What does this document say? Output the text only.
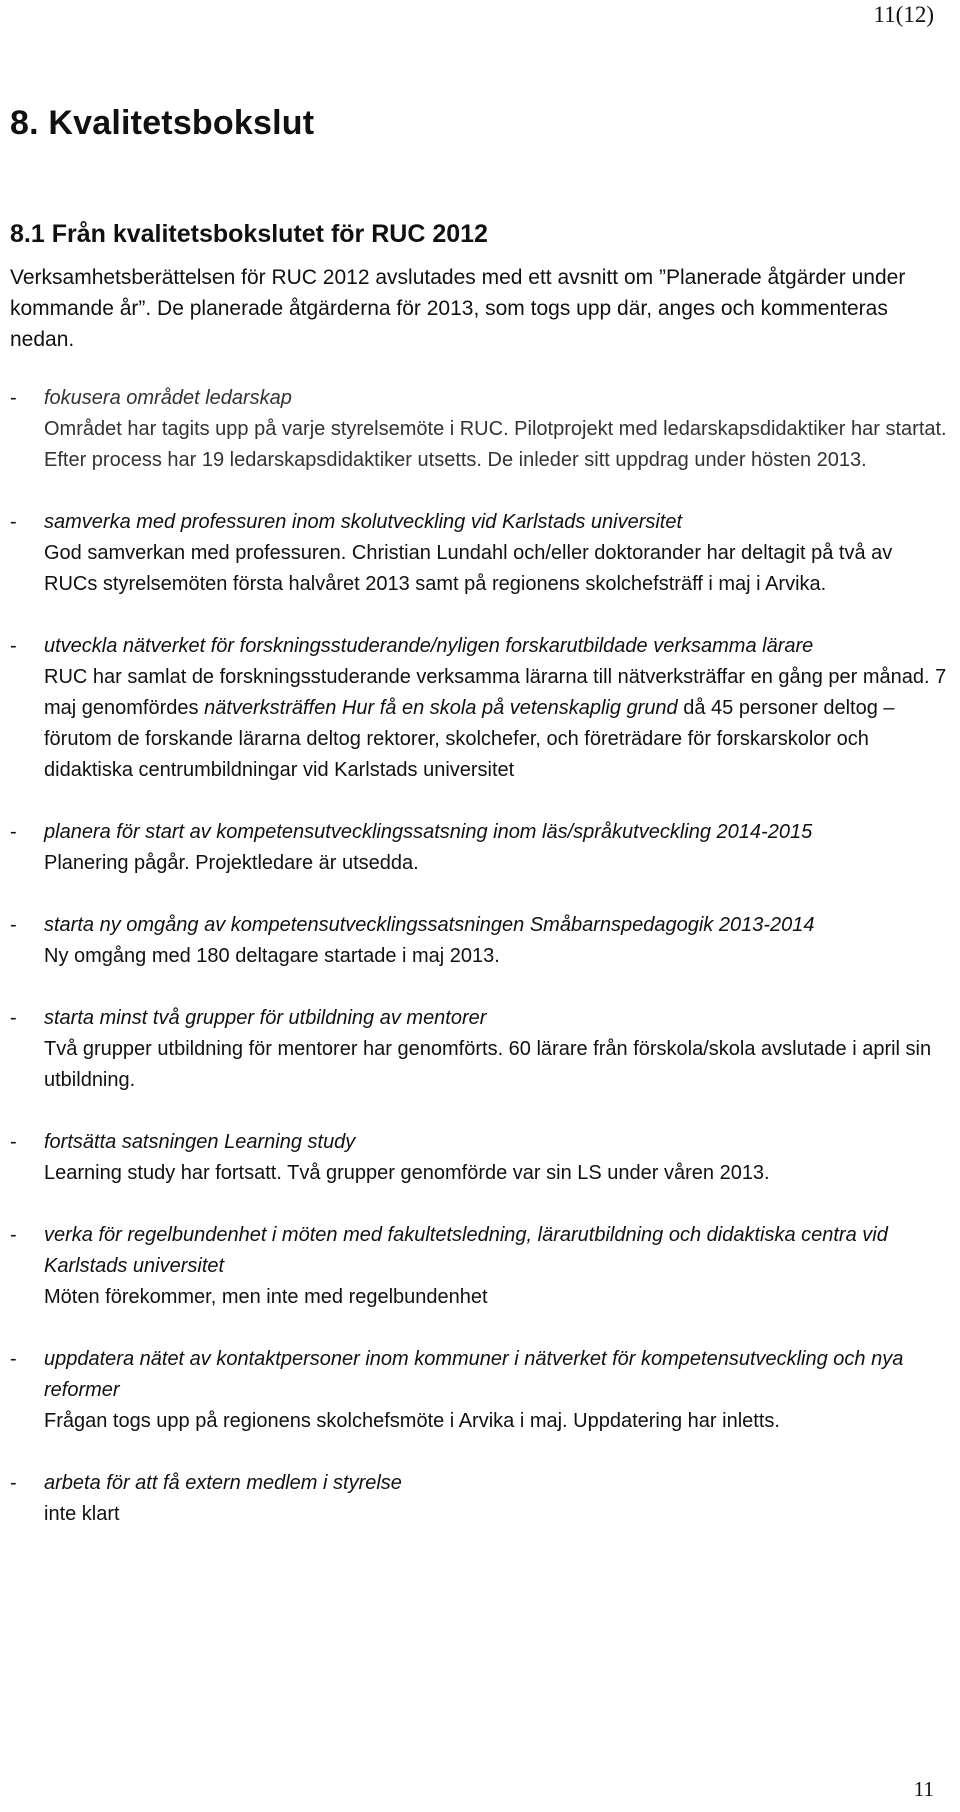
11(12)
8. Kvalitetsbokslut
8.1 Från kvalitetsbokslutet för RUC 2012

Verksamhetsberättelsen för RUC 2012 avslutades med ett avsnitt om ”Planerade åtgärder under kommande år”. De planerade åtgärderna för 2013, som togs upp där, anges och kommenteras nedan.

- fokusera området ledarskap

Området har tagits upp på varje styrelsemöte i RUC. Pilotprojekt med ledarskapsdidaktiker har startat. Efter process har 19 ledarskapsdidaktiker utsetts. De inleder sitt uppdrag under hösten 2013.

- samverka med professuren inom skolutveckling vid Karlstads universitet

God samverkan med professuren. Christian Lundahl och/eller doktorander har deltagit på två av RUCs styrelsemöten första halvåret 2013 samt på regionens skolchefsträff i maj i Arvika.

- utveckla nätverket för forskningsstuderande/nyligen forskarutbildade verksamma lärare

RUC har samlat de forskningsstuderande verksamma lärarna till nätverksträffar en gång per månad. 7 maj genomfördes nätverksträffen Hur få en skola på vetenskaplig grund då 45 personer deltog – förutom de forskande lärarna deltog rektorer, skolchefer, och företrädare för forskarskolor och didaktiska centrumbildningar vid Karlstads universitet

- planera för start av kompetensutvecklingssatsning inom läs/språkutveckling 2014-2015

Planering pågår. Projektledare är utsedda.

- starta ny omgång av kompetensutvecklingssatsningen Småbarnspedagogik 2013-2014

Ny omgång med 180 deltagare startade i maj 2013.

- starta minst två grupper för utbildning av mentorer

Två grupper utbildning för mentorer har genomförts. 60 lärare från förskola/skola avslutade i april sin utbildning.

- fortsätta satsningen Learning study

Learning study har fortsatt. Två grupper genomförde var sin LS under våren 2013.

- verka för regelbundenhet i möten med fakultetsledning, lärarutbildning och didaktiska centra vid Karlstads universitet

Möten förekommer, men inte med regelbundenhet

- uppdatera nätet av kontaktpersoner inom kommuner i nätverket för kompetensutveckling och nya reformer

Frågan togs upp på regionens skolchefsmöte i Arvika i maj. Uppdatering har inletts.

- arbeta för att få extern medlem i styrelse

inte klart

11
